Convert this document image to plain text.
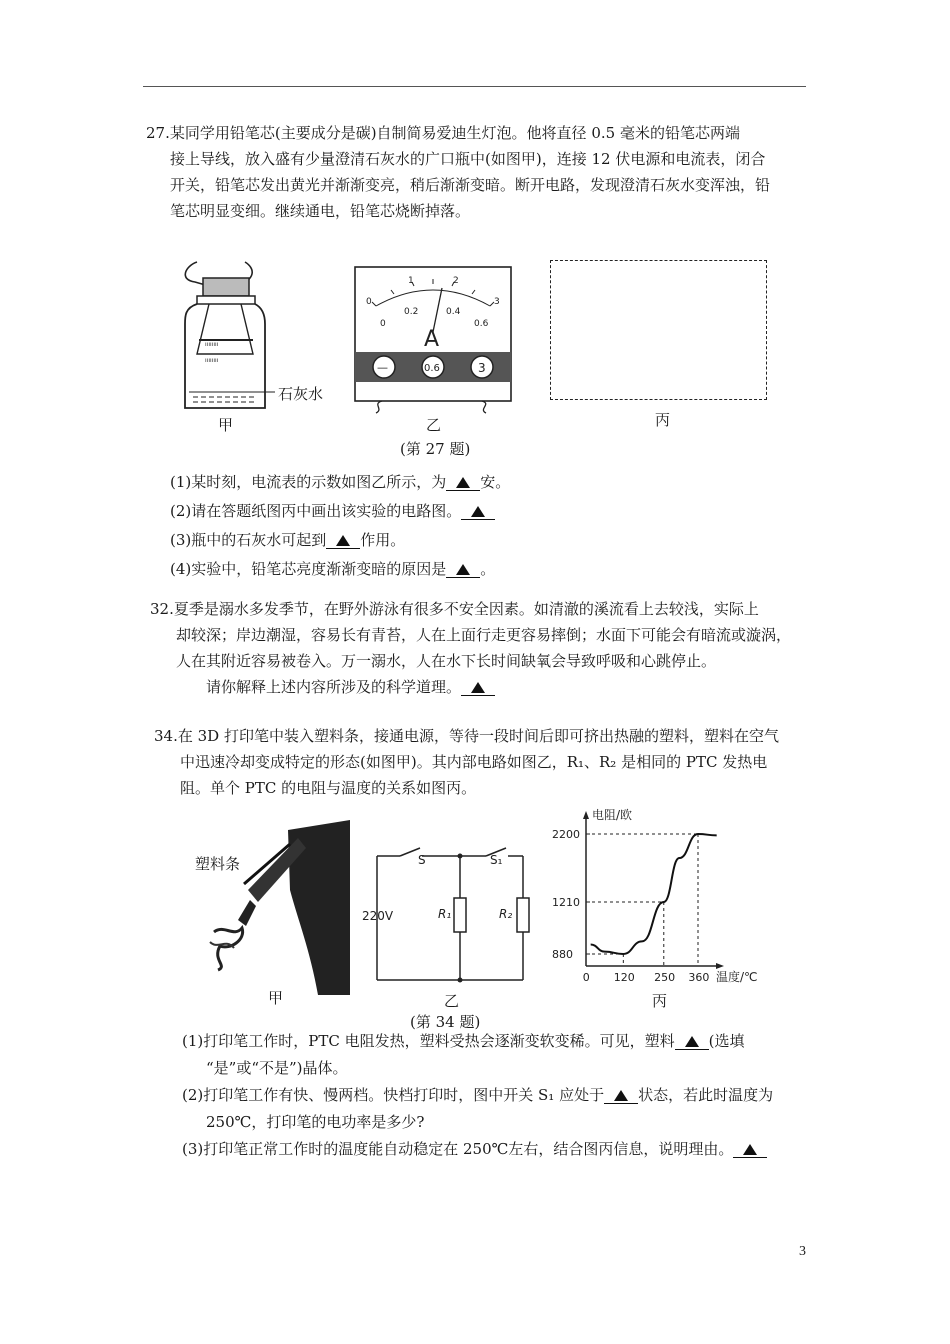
27.某同学用铅笔芯(主要成分是碳)自制简易爱迪生灯泡。他将直径 0.5 毫米的铅笔芯两端

接上导线，放入盛有少量澄清石灰水的广口瓶中(如图甲)，连接 12 伏电源和电流表，闭合

开关，铅笔芯发出黄光并渐渐变亮，稍后渐渐变暗。断开电路，发现澄清石灰水变浑浊，铅

笔芯明显变细。继续通电，铅笔芯烧断掉落。

ıııııııı
ıııııııı
石灰水
甲
0
1	2
3
0
0.2	0.4
0.6
A
—	0.6	3
乙	丙
(第 27 题)

(1)某时刻，电流表的示数如图乙所示，为 安。

(2)请在答题纸图丙中画出该实验的电路图。

(3)瓶中的石灰水可起到 作用。

(4)实验中，铅笔芯亮度渐渐变暗的原因是 。

32.夏季是溺水多发季节，在野外游泳有很多不安全因素。如清澈的溪流看上去较浅，实际上

却较深；岸边潮湿，容易长有青苔，人在上面行走更容易摔倒；水面下可能会有暗流或漩涡，

人在其附近容易被卷入。万一溺水，人在水下长时间缺氧会导致呼吸和心跳停止。

请你解释上述内容所涉及的科学道理。

34.在 3D 打印笔中装入塑料条，接通电源，等待一段时间后即可挤出热融的塑料，塑料在空气

中迅速冷却变成特定的形态(如图甲)。其内部电路如图乙，R₁、R₂ 是相同的 PTC 发热电

阻。单个 PTC 的电阻与温度的关系如图丙。

塑料条
甲
S	S₁
220V	R₁	R₂
乙
电阻/欧
温度/℃
880
1210
2200
0 120 250 360
丙
(第 34 题)

(1)打印笔工作时，PTC 电阻发热，塑料受热会逐渐变软变稀。可见，塑料 (选填

“是”或“不是”)晶体。

(2)打印笔工作有快、慢两档。快档打印时，图中开关 S₁ 应处于 状态，若此时温度为

250℃，打印笔的电功率是多少?

(3)打印笔正常工作时的温度能自动稳定在 250℃左右，结合图丙信息，说明理由。

3
